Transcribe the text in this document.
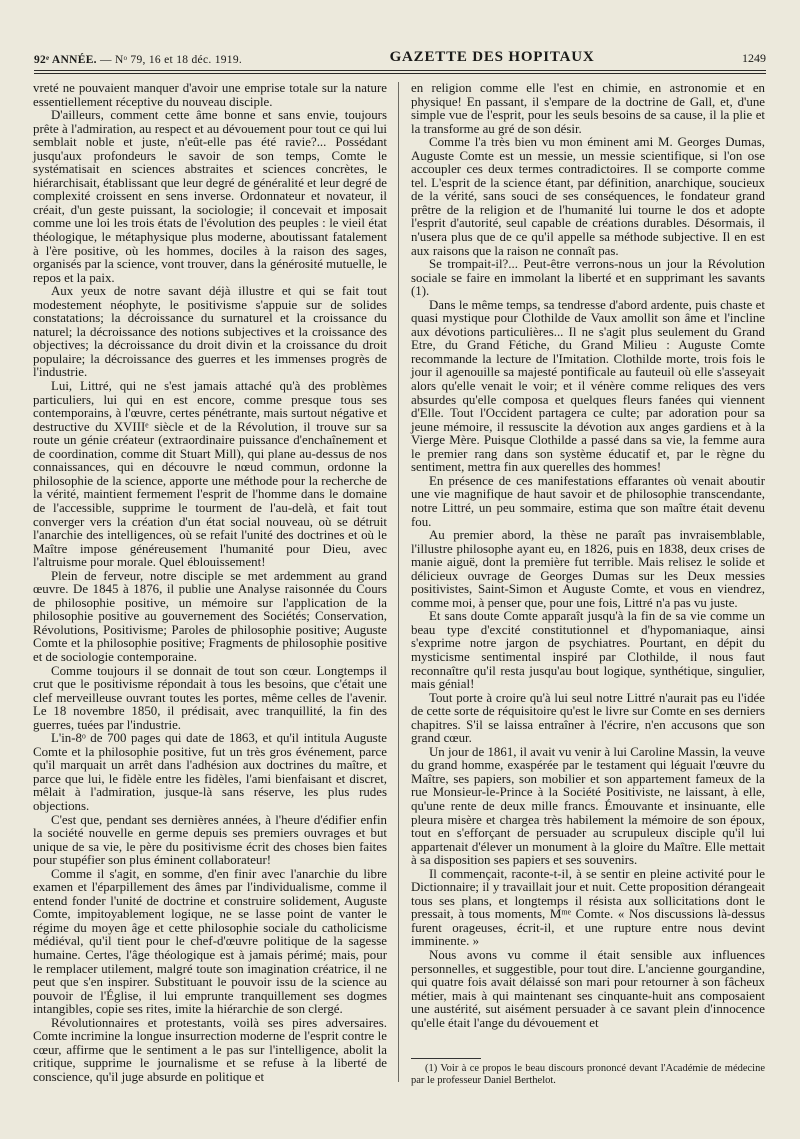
92ᵉ ANNÉE. — Nᵒ 79, 16 et 18 déc. 1919.	GAZETTE DES HOPITAUX	1249

vreté ne pouvaient manquer d'avoir une emprise totale sur la nature essentiellement réceptive du nouveau disciple.

D'ailleurs, comment cette âme bonne et sans envie, toujours prête à l'admiration, au respect et au dévouement pour tout ce qui lui semblait noble et juste, n'eût-elle pas été ravie?... Possédant jusqu'aux profondeurs le savoir de son temps, Comte le systématisait en sciences abstraites et sciences concrètes, le hiérarchisait, établissant que leur degré de généralité et leur degré de complexité croissent en sens inverse. Ordonnateur et novateur, il créait, d'un geste puissant, la sociologie; il concevait et imposait comme une loi les trois états de l'évolution des peuples : le vieil état théologique, le métaphysique plus moderne, aboutissant fatalement à l'ère positive, où les hommes, dociles à la raison des sages, organisés par la science, vont trouver, dans la générosité mutuelle, le repos et la paix.

Aux yeux de notre savant déjà illustre et qui se fait tout modestement néophyte, le positivisme s'appuie sur de solides constatations; la décroissance du surnaturel et la croissance du naturel; la décroissance des notions subjectives et la croissance des objectives; la décroissance du droit divin et la croissance du droit populaire; la décroissance des guerres et les immenses progrès de l'industrie.

Lui, Littré, qui ne s'est jamais attaché qu'à des problèmes particuliers, lui qui en est encore, comme presque tous ses contemporains, à l'œuvre, certes pénétrante, mais surtout négative et destructive du XVIIIᵉ siècle et de la Révolution, il trouve sur sa route un génie créateur (extraordinaire puissance d'enchaînement et de coordination, comme dit Stuart Mill), qui plane au-dessus de nos connaissances, qui en découvre le nœud commun, ordonne la philosophie de la science, apporte une méthode pour la recherche de la vérité, maintient fermement l'esprit de l'homme dans le domaine de l'accessible, supprime le tourment de l'au-delà, et fait tout converger vers la création d'un état social nouveau, où se détruit l'anarchie des intelligences, où se refait l'unité des doctrines et où le Maître impose généreusement l'humanité pour Dieu, avec l'altruisme pour morale. Quel éblouissement!

Plein de ferveur, notre disciple se met ardemment au grand œuvre. De 1845 à 1876, il publie une Analyse raisonnée du Cours de philosophie positive, un mémoire sur l'application de la philosophie positive au gouvernement des Sociétés; Conservation, Révolutions, Positivisme; Paroles de philosophie positive; Auguste Comte et la philosophie positive; Fragments de philosophie positive et de sociologie contemporaine.

Comme toujours il se donnait de tout son cœur. Longtemps il crut que le positivisme répondait à tous les besoins, que c'était une clef merveilleuse ouvrant toutes les portes, même celles de l'avenir. Le 18 novembre 1850, il prédisait, avec tranquillité, la fin des guerres, tuées par l'industrie.

L'in-8ᵒ de 700 pages qui date de 1863, et qu'il intitula Auguste Comte et la philosophie positive, fut un très gros événement, parce qu'il marquait un arrêt dans l'adhésion aux doctrines du maître, et parce que lui, le fidèle entre les fidèles, l'ami bienfaisant et discret, mêlait à l'admiration, jusque-là sans réserve, les plus rudes objections.

C'est que, pendant ses dernières années, à l'heure d'édifier enfin la société nouvelle en germe depuis ses premiers ouvrages et but unique de sa vie, le père du positivisme écrit des choses bien faites pour stupéfier son plus éminent collaborateur!

Comme il s'agit, en somme, d'en finir avec l'anarchie du libre examen et l'éparpillement des âmes par l'individualisme, comme il entend fonder l'unité de doctrine et construire solidement, Auguste Comte, impitoyablement logique, ne se lasse point de vanter le régime du moyen âge et cette philosophie sociale du catholicisme médiéval, qu'il tient pour le chef-d'œuvre politique de la sagesse humaine. Certes, l'âge théologique est à jamais périmé; mais, pour le remplacer utilement, malgré toute son imagination créatrice, il ne peut que s'en inspirer. Substituant le pouvoir issu de la science au pouvoir de l'Église, il lui emprunte tranquillement ses dogmes intangibles, copie ses rites, imite la hiérarchie de son clergé.

Révolutionnaires et protestants, voilà ses pires adversaires. Comte incrimine la longue insurrection moderne de l'esprit contre le cœur, affirme que le sentiment a le pas sur l'intelligence, abolit la critique, supprime le journalisme et se refuse à la liberté de conscience, qu'il juge absurde en politique et

en religion comme elle l'est en chimie, en astronomie et en physique! En passant, il s'empare de la doctrine de Gall, et, d'une simple vue de l'esprit, pour les seuls besoins de sa cause, il la plie et la transforme au gré de son désir.

Comme l'a très bien vu mon éminent ami M. Georges Dumas, Auguste Comte est un messie, un messie scientifique, si l'on ose accoupler ces deux termes contradictoires. Il se comporte comme tel. L'esprit de la science étant, par définition, anarchique, soucieux de la vérité, sans souci de ses conséquences, le fondateur grand prêtre de la religion et de l'humanité lui tourne le dos et adopte l'esprit d'autorité, seul capable de créations durables. Désormais, il n'usera plus que de ce qu'il appelle sa méthode subjective. Il en est aux raisons que la raison ne connaît pas.

Se trompait-il?... Peut-être verrons-nous un jour la Révolution sociale se faire en immolant la liberté et en supprimant les savants (1).

Dans le même temps, sa tendresse d'abord ardente, puis chaste et quasi mystique pour Clothilde de Vaux amollit son âme et l'incline aux dévotions particulières... Il ne s'agit plus seulement du Grand Etre, du Grand Fétiche, du Grand Milieu : Auguste Comte recommande la lecture de l'Imitation. Clothilde morte, trois fois le jour il agenouille sa majesté pontificale au fauteuil où elle s'asseyait alors qu'elle venait le voir; et il vénère comme reliques des vers absurdes qu'elle composa et quelques fleurs fanées qui viennent d'Elle. Tout l'Occident partagera ce culte; par adoration pour sa jeune mémoire, il ressuscite la dévotion aux anges gardiens et à la Vierge Mère. Puisque Clothilde a passé dans sa vie, la femme aura le premier rang dans son système éducatif et, par le règne du sentiment, mettra fin aux querelles des hommes!

En présence de ces manifestations effarantes où venait aboutir une vie magnifique de haut savoir et de philosophie transcendante, notre Littré, un peu sommaire, estima que son maître était devenu fou.

Au premier abord, la thèse ne paraît pas invraisemblable, l'illustre philosophe ayant eu, en 1826, puis en 1838, deux crises de manie aiguë, dont la première fut terrible. Mais relisez le solide et délicieux ouvrage de Georges Dumas sur les Deux messies positivistes, Saint-Simon et Auguste Comte, et vous en viendrez, comme moi, à penser que, pour une fois, Littré n'a pas vu juste.

Et sans doute Comte apparaît jusqu'à la fin de sa vie comme un beau type d'excité constitutionnel et d'hypomaniaque, ainsi s'exprime notre jargon de psychiatres. Pourtant, en dépit du mysticisme sentimental inspiré par Clothilde, il nous faut reconnaître qu'il resta jusqu'au bout logique, synthétique, singulier, mais génial!

Tout porte à croire qu'à lui seul notre Littré n'aurait pas eu l'idée de cette sorte de réquisitoire qu'est le livre sur Comte en ses derniers chapitres. S'il se laissa entraîner à l'écrire, n'en accusons que son grand cœur.

Un jour de 1861, il avait vu venir à lui Caroline Massin, la veuve du grand homme, exaspérée par le testament qui léguait l'œuvre du Maître, ses papiers, son mobilier et son appartement fameux de la rue Monsieur-le-Prince à la Société Positiviste, ne laissant, à elle, qu'une rente de deux mille francs. Émouvante et insinuante, elle pleura misère et chargea très habilement la mémoire de son époux, tout en s'efforçant de persuader au scrupuleux disciple qu'il lui appartenait d'élever un monument à la gloire du Maître. Elle mettait à sa disposition ses papiers et ses souvenirs.

Il commençait, raconte-t-il, à se sentir en pleine activité pour le Dictionnaire; il y travaillait jour et nuit. Cette proposition dérangeait tous ses plans, et longtemps il résista aux sollicitations dont le pressait, à tous moments, Mᵐᵉ Comte. « Nos discussions là-dessus furent orageuses, écrit-il, et une rupture entre nous devint imminente. »

Nous avons vu comme il était sensible aux influences personnelles, et suggestible, pour tout dire. L'ancienne gourgandine, qui quatre fois avait délaissé son mari pour retourner à son fâcheux métier, mais à qui maintenant ses cinquante-huit ans composaient une austérité, sut aisément persuader à ce savant plein d'innocence qu'elle était l'ange du dévouement et

(1) Voir à ce propos le beau discours prononcé devant l'Académie de médecine par le professeur Daniel Berthelot.
